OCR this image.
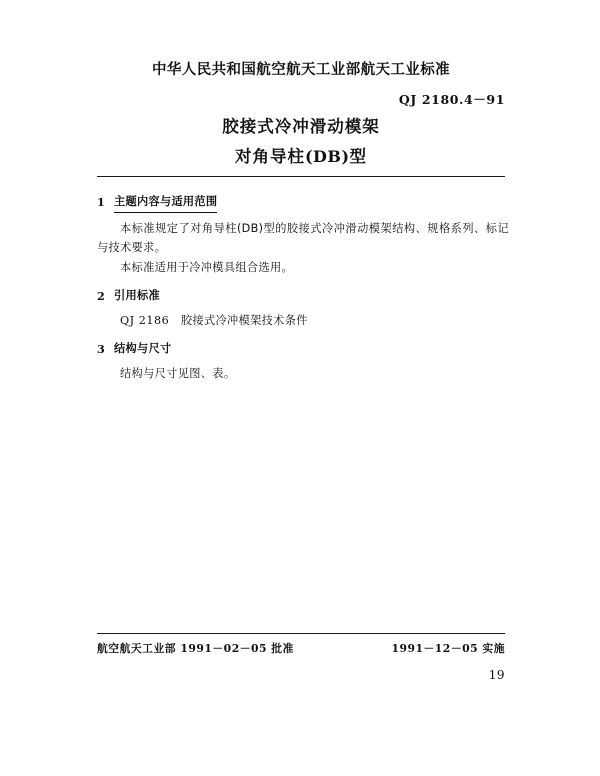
中华人民共和国航空航天工业部航天工业标准
QJ 2180.4－91
胶接式冷冲滑动模架
对角导柱(DB)型
1 主题内容与适用范围
本标准规定了对角导柱(DB)型的胶接式冷冲滑动模架结构、规格系列、标记与技术要求。
本标准适用于冷冲模具组合选用。
2 引用标准
QJ 2186 胶接式冷冲模架技术条件
3 结构与尺寸
结构与尺寸见图、表。
航空航天工业部 1991－02－05 批准	1991－12－05 实施
19
